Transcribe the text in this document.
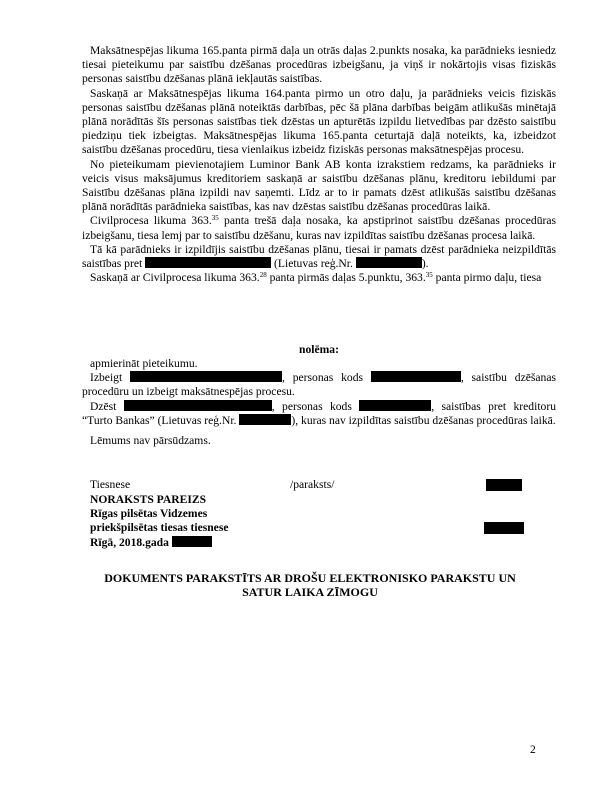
Maksātnespējas likuma 165.panta pirmā daļa un otrās daļas 2.punkts nosaka, ka parādnieks iesniedz tiesai pieteikumu par saistību dzēšanas procedūras izbeigšanu, ja viņš ir nokārtojis visas fiziskās personas saistību dzēšanas plānā iekļautās saistības.

Saskaņā ar Maksātnespējas likuma 164.panta pirmo un otro daļu, ja parādnieks veicis fiziskās personas saistību dzēšanas plānā noteiktās darbības, pēc šā plāna darbības beigām atlikušās minētajā plānā norādītās šīs personas saistības tiek dzēstas un apturētās izpildu lietvedības par dzēsto saistību piedziņu tiek izbeigtas. Maksātnespējas likuma 165.panta ceturtajā daļā noteikts, ka, izbeidzot saistību dzēšanas procedūru, tiesa vienlaikus izbeidz fiziskās personas maksātnespējas procesu.

No pieteikumam pievienotajiem Luminor Bank AB konta izrakstiem redzams, ka parādnieks ir veicis visus maksājumus kreditoriem saskaņā ar saistību dzēšanas plānu, kreditoru iebildumi par Saistību dzēšanas plāna izpildi nav saņemti. Līdz ar to ir pamats dzēst atlikušās saistību dzēšanas plānā norādītās parādnieka saistības, kas nav dzēstas saistību dzēšanas procedūras laikā.

Civilprocesa likuma 363.35 panta trešā daļa nosaka, ka apstiprinot saistību dzēšanas procedūras izbeigšanu, tiesa lemj par to saistību dzēšanu, kuras nav izpildītas saistību dzēšanas procesa laikā.

Tā kā parādnieks ir izpildījis saistību dzēšanas plānu, tiesai ir pamats dzēst parādnieka neizpildītās saistības pret	(Lietuvas reģ.Nr.	).

Saskaņā ar Civilprocesa likuma 363.28 panta pirmās daļas 5.punktu, 363.35 panta pirmo daļu, tiesa

nolēma:

apmierināt pieteikumu.

Izbeigt	, personas kods	, saistību dzēšanas procedūru un izbeigt maksātnespējas procesu.

Dzēst	, personas kods	, saistības pret kreditoru “Turto Bankas” (Lietuvas reģ.Nr.	), kuras nav izpildītas saistību dzēšanas procedūras laikā.

Lēmums nav pārsūdzams.

Tiesnese	/paraksts/
NORAKSTS PAREIZS
Rīgas pilsētas Vidzemes
priekšpilsētas tiesas tiesnese
Rīgā, 2018.gada
DOKUMENTS PARAKSTĪTS AR DROŠU ELEKTRONISKO PARAKSTU UN
SATUR LAIKA ZĪMOGU
2
